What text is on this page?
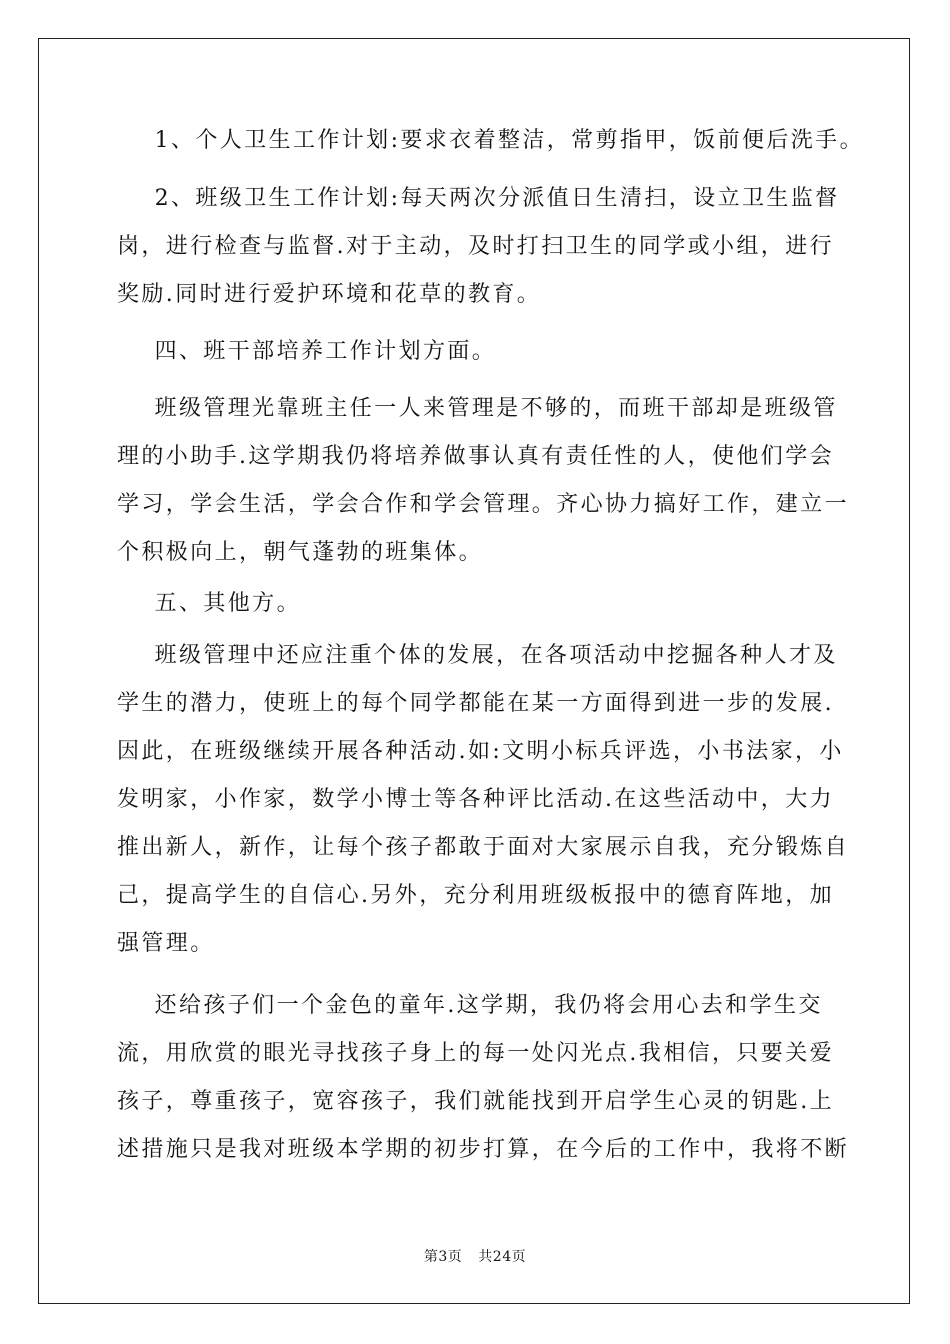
1、个人卫生工作计划:要求衣着整洁，常剪指甲，饭前便后洗手。
2、班级卫生工作计划:每天两次分派值日生清扫，设立卫生监督
岗，进行检查与监督.对于主动，及时打扫卫生的同学或小组，进行
奖励.同时进行爱护环境和花草的教育。
四、班干部培养工作计划方面。
班级管理光靠班主任一人来管理是不够的，而班干部却是班级管
理的小助手.这学期我仍将培养做事认真有责任性的人，使他们学会
学习，学会生活，学会合作和学会管理。齐心协力搞好工作，建立一
个积极向上，朝气蓬勃的班集体。
五、其他方。
班级管理中还应注重个体的发展，在各项活动中挖掘各种人才及
学生的潜力，使班上的每个同学都能在某一方面得到进一步的发展.
因此，在班级继续开展各种活动.如:文明小标兵评选，小书法家，小
发明家，小作家，数学小博士等各种评比活动.在这些活动中，大力
推出新人，新作，让每个孩子都敢于面对大家展示自我，充分锻炼自
己，提高学生的自信心.另外，充分利用班级板报中的德育阵地，加
强管理。
还给孩子们一个金色的童年.这学期，我仍将会用心去和学生交
流，用欣赏的眼光寻找孩子身上的每一处闪光点.我相信，只要关爱
孩子，尊重孩子，宽容孩子，我们就能找到开启学生心灵的钥匙.上
述措施只是我对班级本学期的初步打算，在今后的工作中，我将不断
第3页 共24页
